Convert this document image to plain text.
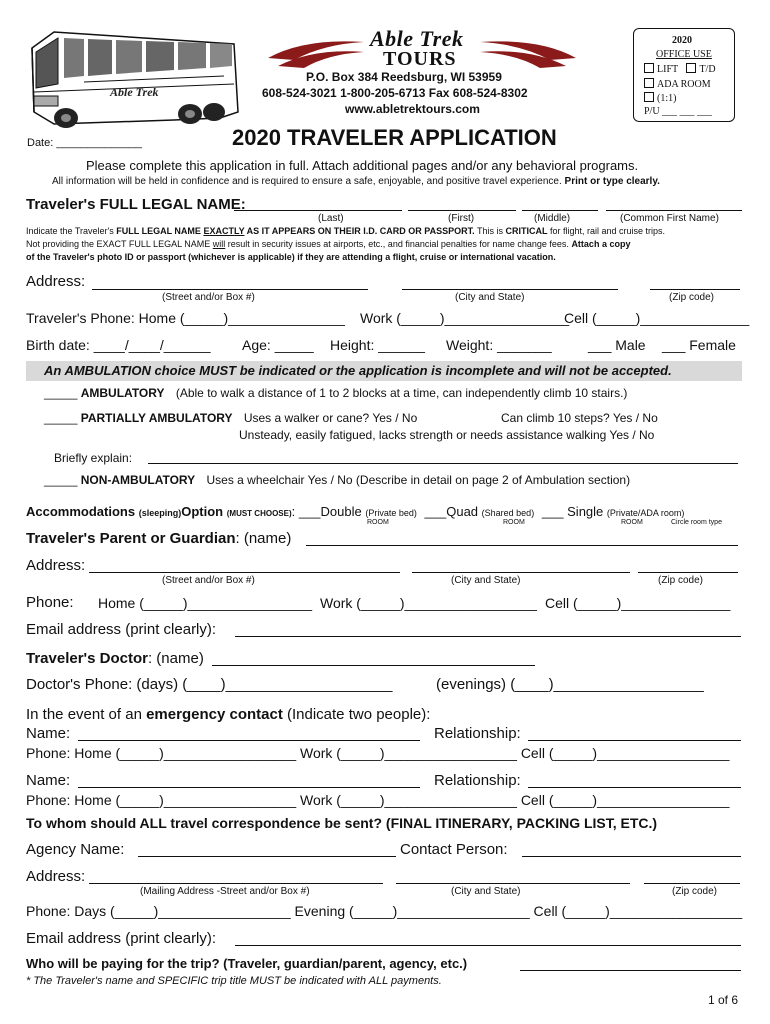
Able Trek
Able Trek
TOURS
P.O. Box 384 Reedsburg, WI 53959
608-524-3021 1-800-205-6713 Fax 608-524-8302
www.abletrektours.com
Date: ______________	2020 TRAVELER APPLICATION
2020
OFFICE USE
LIFT T/D
ADA ROOM
(1:1)
P/U ___ ___ ___
Please complete this application in full. Attach additional pages and/or any behavioral programs.
All information will be held in confidence and is required to ensure a safe, enjoyable, and positive travel experience. Print or type clearly.
Traveler's FULL LEGAL NAME:
(Last)	(First)	(Middle)	(Common First Name)
Indicate the Traveler's FULL LEGAL NAME EXACTLY AS IT APPEARS ON THEIR I.D. CARD OR PASSPORT. This is CRITICAL for flight, rail and cruise trips.
Not providing the EXACT FULL LEGAL NAME will result in security issues at airports, etc., and financial penalties for name change fees. Attach a copy
of the Traveler's photo ID or passport (whichever is applicable) if they are attending a flight, cruise or international vacation.
Address:
(Street and/or Box #)	(City and State)	(Zip code)
Traveler's Phone: Home (_____)_______________ Work (_____)________________
Cell (_____)______________
Birth date: ____/____/______ Age: _____ Height: ______ Weight: _______	___ Male ___ Female
An AMBULATION choice MUST be indicated or the application is incomplete and will not be accepted.
_____ AMBULATORY (Able to walk a distance of 1 to 2 blocks at a time, can independently climb 10 stairs.)
_____ PARTIALLY AMBULATORY Uses a walker or cane? Yes / No	Can climb 10 steps? Yes / No
Unsteady, easily fatigued, lacks strength or needs assistance walking Yes / No
Briefly explain:
_____ NON-AMBULATORY Uses a wheelchair Yes / No (Describe in detail on page 2 of Ambulation section)
Accommodations (sleeping)Option (MUST CHOOSE): ___Double (Private bed) ___Quad (Shared bed) ___ Single (Private/ADA room)
ROOM	ROOM	ROOM	Circle room type
Traveler's Parent or Guardian: (name)
Address:
(Street and/or Box #)	(City and State)	(Zip code)
Phone: Home (_____)________________ Work (_____)_________________ Cell (_____)______________
Email address (print clearly):
Traveler's Doctor: (name)
Doctor's Phone: (days) (____)____________________	(evenings) (____)__________________
In the event of an emergency contact (Indicate two people):
Name:	Relationship:
Phone: Home (_____)_________________ Work (_____)_________________ Cell (_____)_________________
Name:	Relationship:
Phone: Home (_____)_________________ Work (_____)_________________ Cell (_____)_________________
To whom should ALL travel correspondence be sent? (FINAL ITINERARY, PACKING LIST, ETC.)
Agency Name:	Contact Person:
Address:
(Mailing Address -Street and/or Box #)	(City and State)	(Zip code)
Phone: Days (_____)_________________ Evening (_____)_________________ Cell (_____)_________________
Email address (print clearly):
Who will be paying for the trip? (Traveler, guardian/parent, agency, etc.)
* The Traveler's name and SPECIFIC trip title MUST be indicated with ALL payments.
1 of 6
